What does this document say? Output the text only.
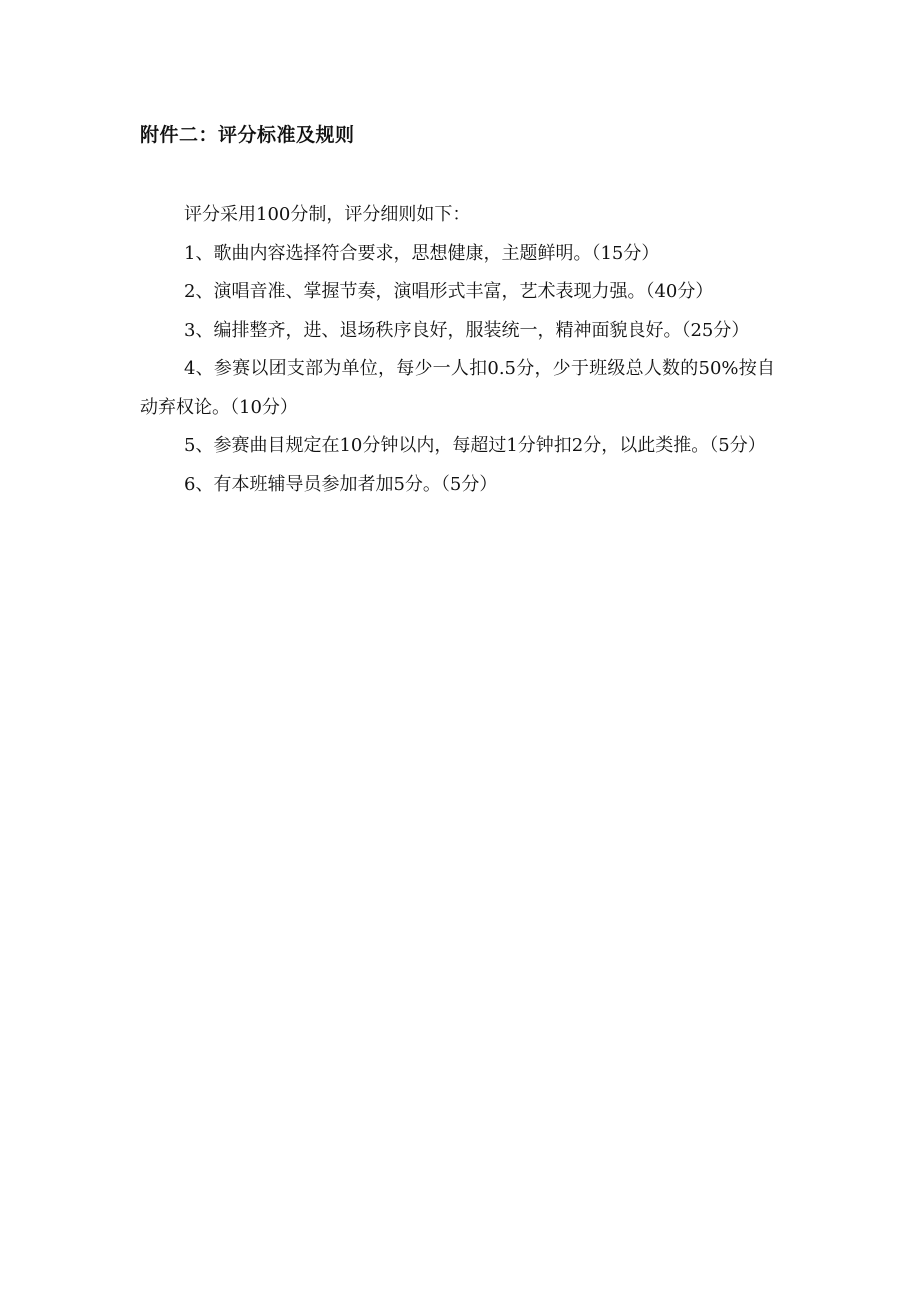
附件二：评分标准及规则

评分采用100分制，评分细则如下：

1、歌曲内容选择符合要求，思想健康，主题鲜明。（15分）

2、演唱音准、掌握节奏，演唱形式丰富，艺术表现力强。（40分）

3、编排整齐，进、退场秩序良好，服装统一，精神面貌良好。（25分）

4、参赛以团支部为单位，每少一人扣0.5分，少于班级总人数的50%按自动弃权论。（10分）

5、参赛曲目规定在10分钟以内，每超过1分钟扣2分，以此类推。（5分）

6、有本班辅导员参加者加5分。（5分）
